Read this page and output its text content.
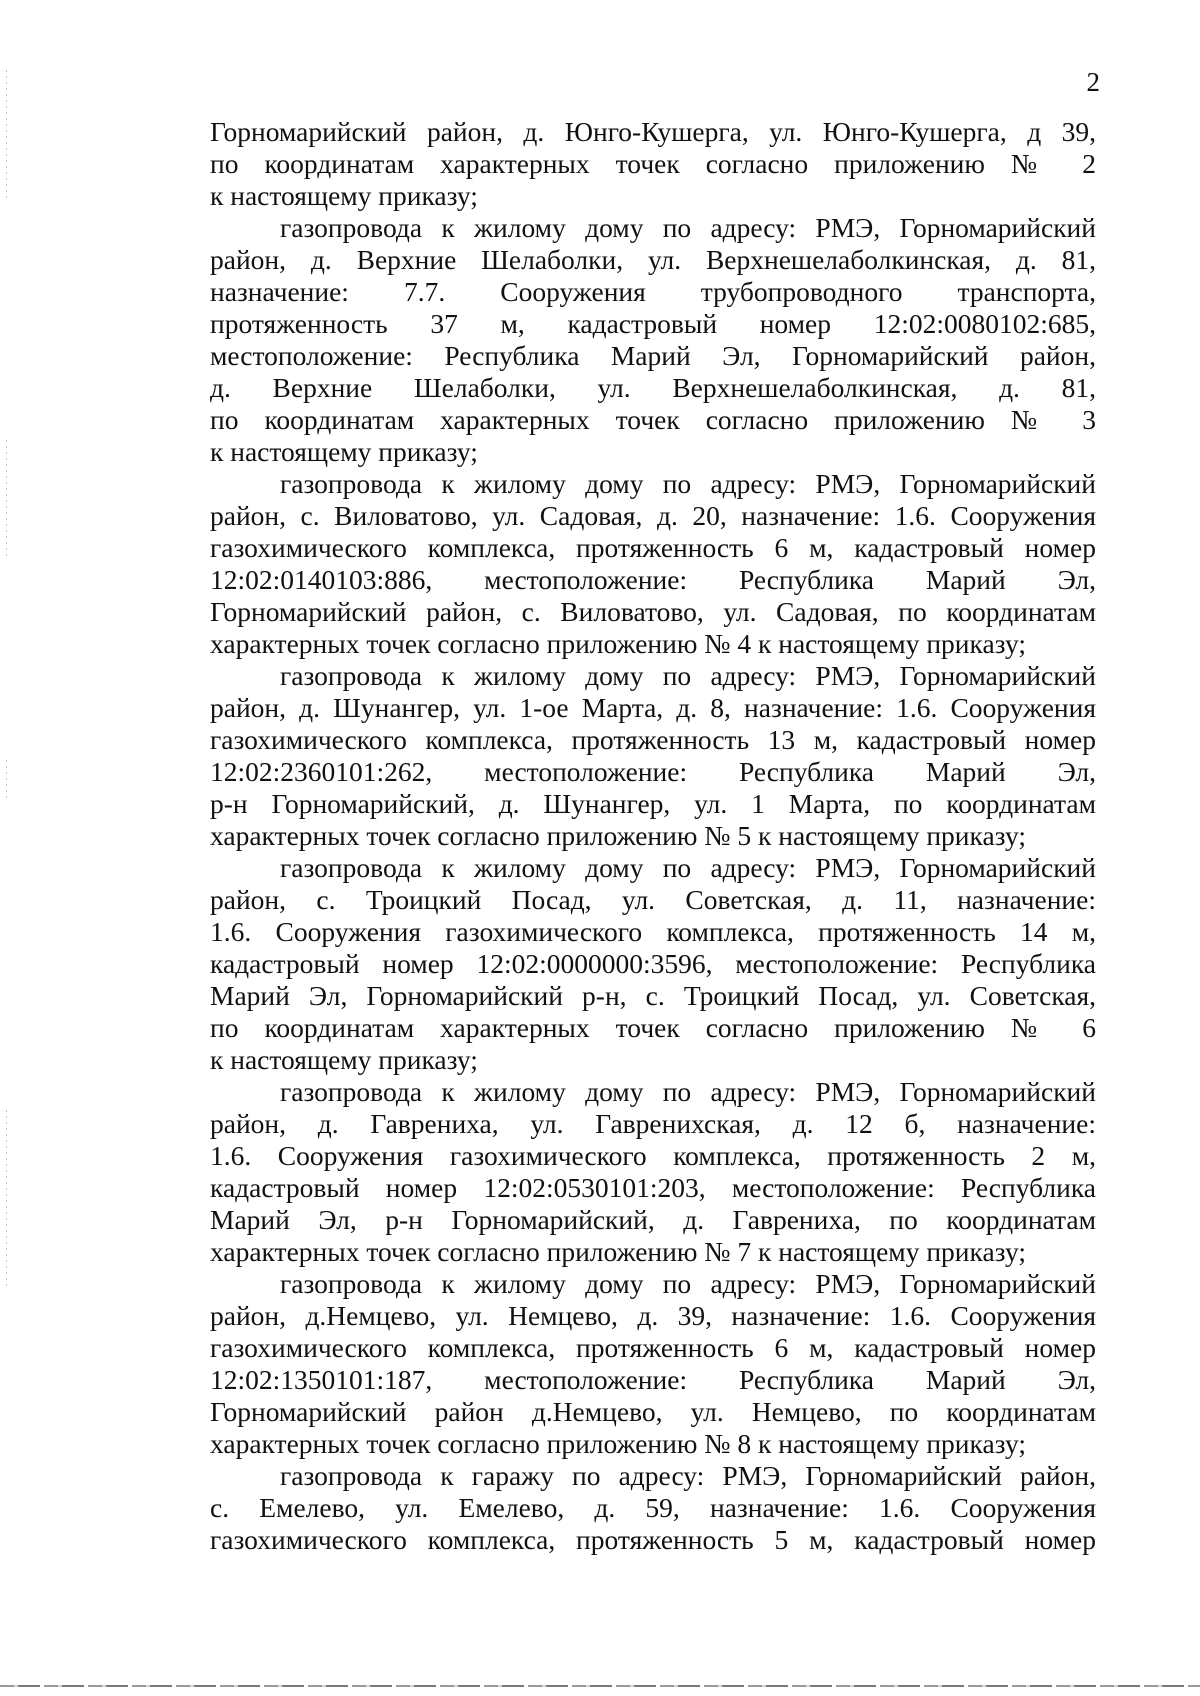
2
Горномарийский район, д. Юнго-Кушерга, ул. Юнго-Кушерга, д 39,
по координатам характерных точек согласно приложению № 2
к настоящему приказу;
газопровода к жилому дому по адресу: РМЭ, Горномарийский
район, д. Верхние Шелаболки, ул. Верхнешелаболкинская, д. 81,
назначение: 7.7. Сооружения трубопроводного транспорта,
протяженность 37 м, кадастровый номер 12:02:0080102:685,
местоположение: Республика Марий Эл, Горномарийский район,
д. Верхние Шелаболки, ул. Верхнешелаболкинская, д. 81,
по координатам характерных точек согласно приложению № 3
к настоящему приказу;
газопровода к жилому дому по адресу: РМЭ, Горномарийский
район, с. Виловатово, ул. Садовая, д. 20, назначение: 1.6. Сооружения
газохимического комплекса, протяженность 6 м, кадастровый номер
12:02:0140103:886, местоположение: Республика Марий Эл,
Горномарийский район, с. Виловатово, ул. Садовая, по координатам
характерных точек согласно приложению № 4 к настоящему приказу;
газопровода к жилому дому по адресу: РМЭ, Горномарийский
район, д. Шунангер, ул. 1-ое Марта, д. 8, назначение: 1.6. Сооружения
газохимического комплекса, протяженность 13 м, кадастровый номер
12:02:2360101:262, местоположение: Республика Марий Эл,
р-н Горномарийский, д. Шунангер, ул. 1 Марта, по координатам
характерных точек согласно приложению № 5 к настоящему приказу;
газопровода к жилому дому по адресу: РМЭ, Горномарийский
район, с. Троицкий Посад, ул. Советская, д. 11, назначение:
1.6. Сооружения газохимического комплекса, протяженность 14 м,
кадастровый номер 12:02:0000000:3596, местоположение: Республика
Марий Эл, Горномарийский р-н, с. Троицкий Посад, ул. Советская,
по координатам характерных точек согласно приложению № 6
к настоящему приказу;
газопровода к жилому дому по адресу: РМЭ, Горномарийский
район, д. Гаврениха, ул. Гавренихская, д. 12 б, назначение:
1.6. Сооружения газохимического комплекса, протяженность 2 м,
кадастровый номер 12:02:0530101:203, местоположение: Республика
Марий Эл, р-н Горномарийский, д. Гаврениха, по координатам
характерных точек согласно приложению № 7 к настоящему приказу;
газопровода к жилому дому по адресу: РМЭ, Горномарийский
район, д.Немцево, ул. Немцево, д. 39, назначение: 1.6. Сооружения
газохимического комплекса, протяженность 6 м, кадастровый номер
12:02:1350101:187, местоположение: Республика Марий Эл,
Горномарийский район д.Немцево, ул. Немцево, по координатам
характерных точек согласно приложению № 8 к настоящему приказу;
газопровода к гаражу по адресу: РМЭ, Горномарийский район,
с. Емелево, ул. Емелево, д. 59, назначение: 1.6. Сооружения
газохимического комплекса, протяженность 5 м, кадастровый номер
